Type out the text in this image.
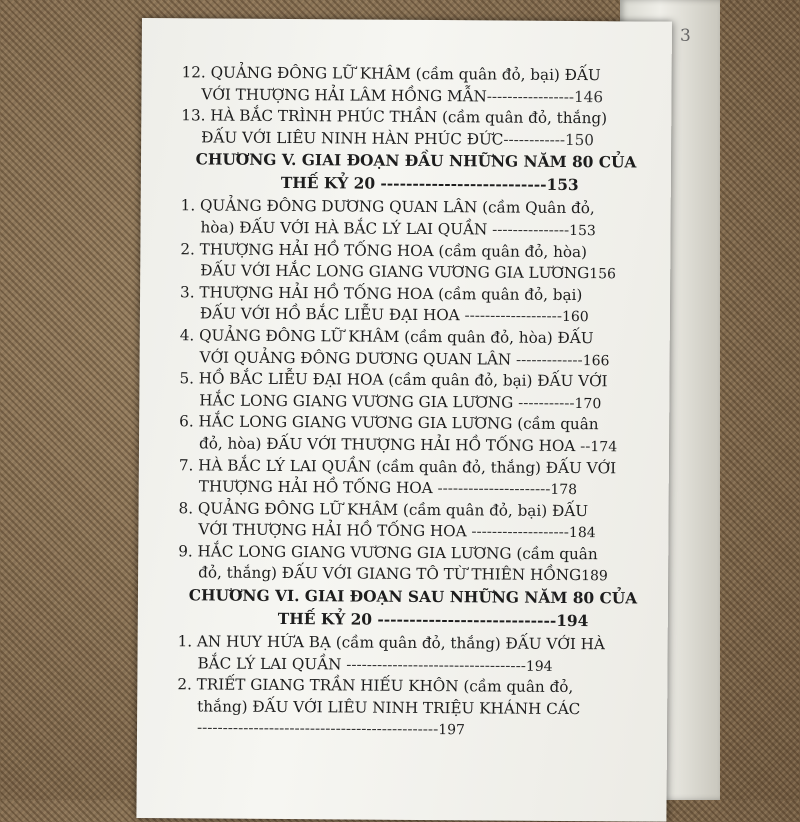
3
12. QUẢNG ĐÔNG LỮ KHÂM (cầm quân đỏ, bại) ĐẤU
VỚI THƯỢNG HẢI LÂM HỒNG MẪN-----------------146
13. HÀ BẮC TRÌNH PHÚC THẦN (cầm quân đỏ, thắng)
ĐẤU VỚI LIÊU NINH HÀN PHÚC ĐỨC------------150
CHƯƠNG V. GIAI ĐOẠN ĐẦU NHỮNG NĂM 80 CỦA
THẾ KỶ 20 --------------------------153
1. QUẢNG ĐÔNG DƯƠNG QUAN LÂN (cầm Quân đỏ,
hòa) ĐẤU VỚI HÀ BẮC LÝ LAI QUẦN ---------------153
2. THƯỢNG HẢI HỒ TỐNG HOA (cầm quân đỏ, hòa)
ĐẤU VỚI HẮC LONG GIANG VƯƠNG GIA LƯƠNG156
3. THƯỢNG HẢI HỒ TỐNG HOA (cầm quân đỏ, bại)
ĐẤU VỚI HỒ BẮC LIỄU ĐẠI HOA -------------------160
4. QUẢNG ĐÔNG LỮ KHÂM (cầm quân đỏ, hòa) ĐẤU
VỚI QUẢNG ĐÔNG DƯƠNG QUAN LÂN -------------166
5. HỒ BẮC LIỄU ĐẠI HOA (cầm quân đỏ, bại) ĐẤU VỚI
HẮC LONG GIANG VƯƠNG GIA LƯƠNG -----------170
6. HẮC LONG GIANG VƯƠNG GIA LƯƠNG (cầm quân
đỏ, hòa) ĐẤU VỚI THƯỢNG HẢI HỒ TỐNG HOA --174
7. HÀ BẮC LÝ LAI QUẦN (cầm quân đỏ, thắng) ĐẤU VỚI
THƯỢNG HẢI HỒ TỐNG HOA ----------------------178
8. QUẢNG ĐÔNG LỮ KHÂM (cầm quân đỏ, bại) ĐẤU
VỚI THƯỢNG HẢI HỒ TỐNG HOA -------------------184
9. HẮC LONG GIANG VƯƠNG GIA LƯƠNG (cầm quân
đỏ, thắng) ĐẤU VỚI GIANG TÔ TỪ THIÊN HỒNG189
CHƯƠNG VI. GIAI ĐOẠN SAU NHỮNG NĂM 80 CỦA
THẾ KỶ 20 ----------------------------194
1. AN HUY HỨA BẠ (cầm quân đỏ, thắng) ĐẤU VỚI HÀ
BẮC LÝ LAI QUẦN -----------------------------------194
2. TRIẾT GIANG TRẦN HIẾU KHÔN (cầm quân đỏ,
thắng) ĐẤU VỚI LIÊU NINH TRIỆU KHÁNH CÁC
-----------------------------------------------197
